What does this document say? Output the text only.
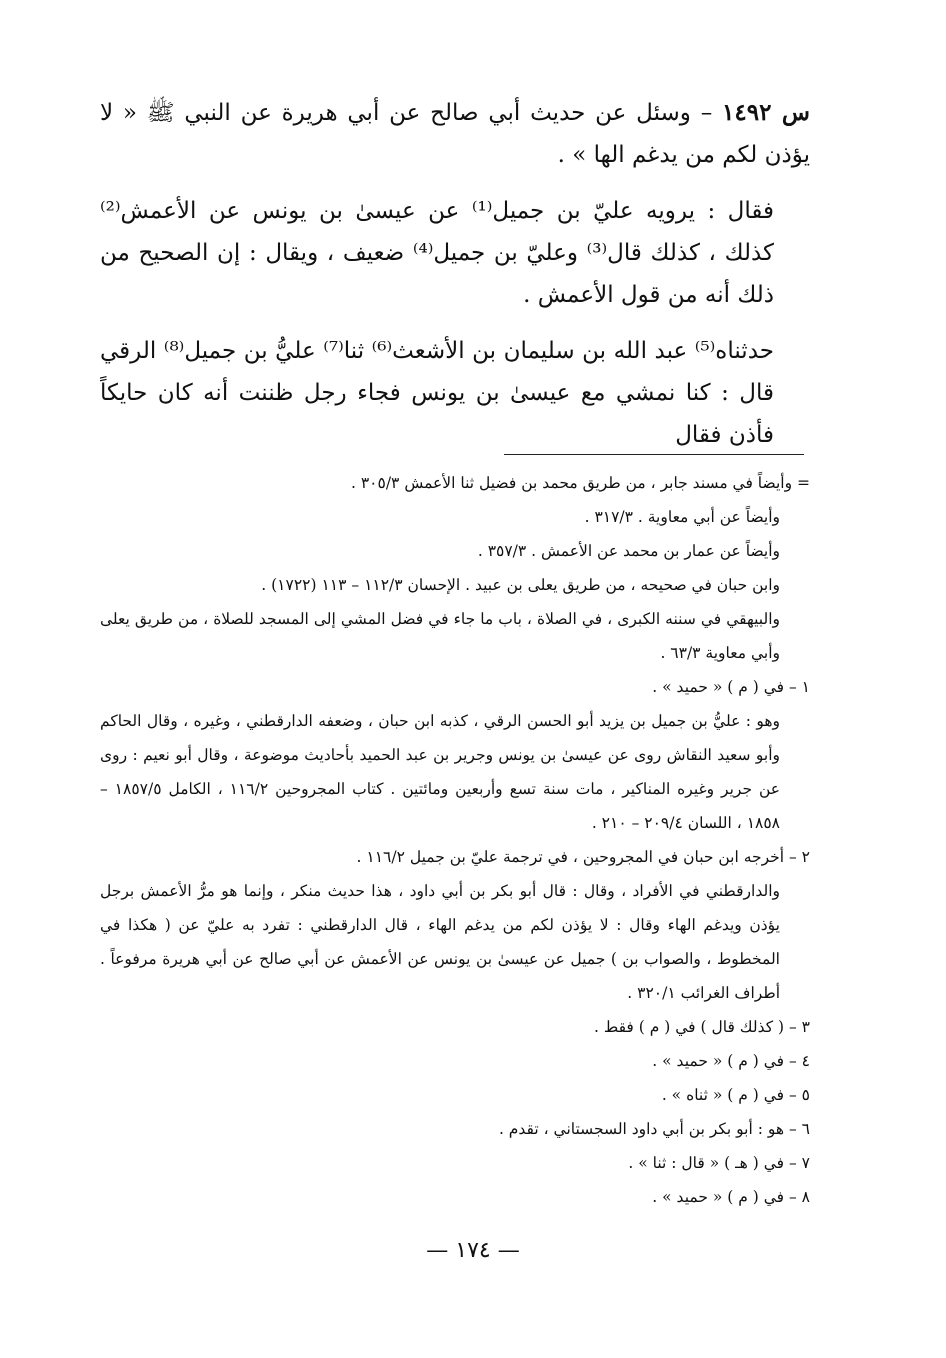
س ١٤٩٢ – وسئل عن حديث أبي صالح عن أبي هريرة عن النبي ﷺ « لا يؤذن لكم من يدغم الها » .

فقال : يرويه عليّ بن جميل⁽¹⁾ عن عيسىٰ بن يونس عن الأعمش⁽²⁾ كذلك ، كذلك قال⁽³⁾ وعليّ بن جميل⁽⁴⁾ ضعيف ، ويقال : إن الصحيح من ذلك أنه من قول الأعمش .

حدثناه⁽⁵⁾ عبد الله بن سليمان بن الأشعث⁽⁶⁾ ثنا⁽⁷⁾ عليُّ بن جميل⁽⁸⁾ الرقي قال : كنا نمشي مع عيسىٰ بن يونس فجاء رجل ظننت أنه كان حايكاً فأذن فقال

= وأيضاً في مسند جابر ، من طريق محمد بن فضيل ثنا الأعمش ٣٠٥/٣ .

وأيضاً عن أبي معاوية . ٣١٧/٣ .

وأيضاً عن عمار بن محمد عن الأعمش . ٣٥٧/٣ .

وابن حبان في صحيحه ، من طريق يعلى بن عبيد . الإحسان ١١٢/٣ – ١١٣ (١٧٢٢) .

والبيهقي في سننه الكبرى ، في الصلاة ، باب ما جاء في فضل المشي إلى المسجد للصلاة ، من طريق يعلى وأبي معاوية ٦٣/٣ .

١ – في ( م ) « حميد » .

وهو : عليُّ بن جميل بن يزيد أبو الحسن الرقي ، كذبه ابن حبان ، وضعفه الدارقطني ، وغيره ، وقال الحاكم وأبو سعيد النقاش روى عن عيسىٰ بن يونس وجرير بن عبد الحميد بأحاديث موضوعة ، وقال أبو نعيم : روى عن جرير وغيره المناكير ، مات سنة تسع وأربعين ومائتين . كتاب المجروحين ١١٦/٢ ، الكامل ١٨٥٧/٥ – ١٨٥٨ ، اللسان ٢٠٩/٤ – ٢١٠ .

٢ – أخرجه ابن حبان في المجروحين ، في ترجمة عليّ بن جميل ١١٦/٢ .

والدارقطني في الأفراد ، وقال : قال أبو بكر بن أبي داود ، هذا حديث منكر ، وإنما هو مرُّ الأعمش برجل يؤذن ويدغم الهاء وقال : لا يؤذن لكم من يدغم الهاء ، قال الدارقطني : تفرد به عليّ عن ( هكذا في المخطوط ، والصواب بن ) جميل عن عيسىٰ بن يونس عن الأعمش عن أبي صالح عن أبي هريرة مرفوعاً . أطراف الغرائب ٣٢٠/١ .

٣ – ( كذلك قال ) في ( م ) فقط .

٤ – في ( م ) « حميد » .

٥ – في ( م ) « ثناه » .

٦ – هو : أبو بكر بن أبي داود السجستاني ، تقدم .

٧ – في ( هـ ) « قال : ثنا » .

٨ – في ( م ) « حميد » .

— ١٧٤ —
